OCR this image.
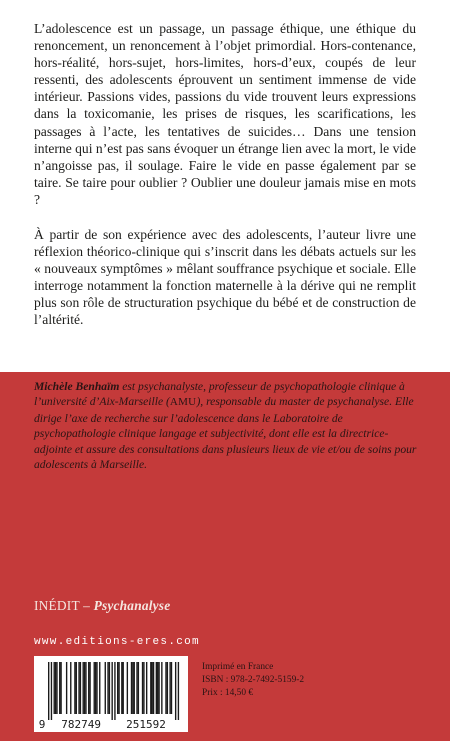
L’adolescence est un passage, un passage éthique, une éthique du renoncement, un renoncement à l’objet primordial. Hors-contenance, hors-réalité, hors-sujet, hors-limites, hors-d’eux, coupés de leur ressenti, des adolescents éprouvent un sentiment immense de vide intérieur. Passions vides, passions du vide trouvent leurs expressions dans la toxicomanie, les prises de risques, les scarifications, les passages à l’acte, les tentatives de suicides… Dans une tension interne qui n’est pas sans évoquer un étrange lien avec la mort, le vide n’angoisse pas, il soulage. Faire le vide en passe également par se taire. Se taire pour oublier ? Oublier une douleur jamais mise en mots ?

À partir de son expérience avec des adolescents, l’auteur livre une réflexion théorico-clinique qui s’inscrit dans les débats actuels sur les « nouveaux symptômes » mêlant souffrance psychique et sociale. Elle interroge notamment la fonction maternelle à la dérive qui ne remplit plus son rôle de structuration psychique du bébé et de construction de l’altérité.

Michèle Benhaïm est psychanalyste, professeur de psychopathologie clinique à l’université d’Aix-Marseille (AMU), responsable du master de psychanalyse. Elle dirige l’axe de recherche sur l’adolescence dans le Laboratoire de psychopathologie clinique langage et subjectivité, dont elle est la directrice-adjointe et assure des consultations dans plusieurs lieux de vie et/ou de soins pour adolescents à Marseille.

INÉDIT – Psychanalyse
www.editions-eres.com
9 782749 251592
Imprimé en France
ISBN : 978-2-7492-5159-2
Prix : 14,50 €
